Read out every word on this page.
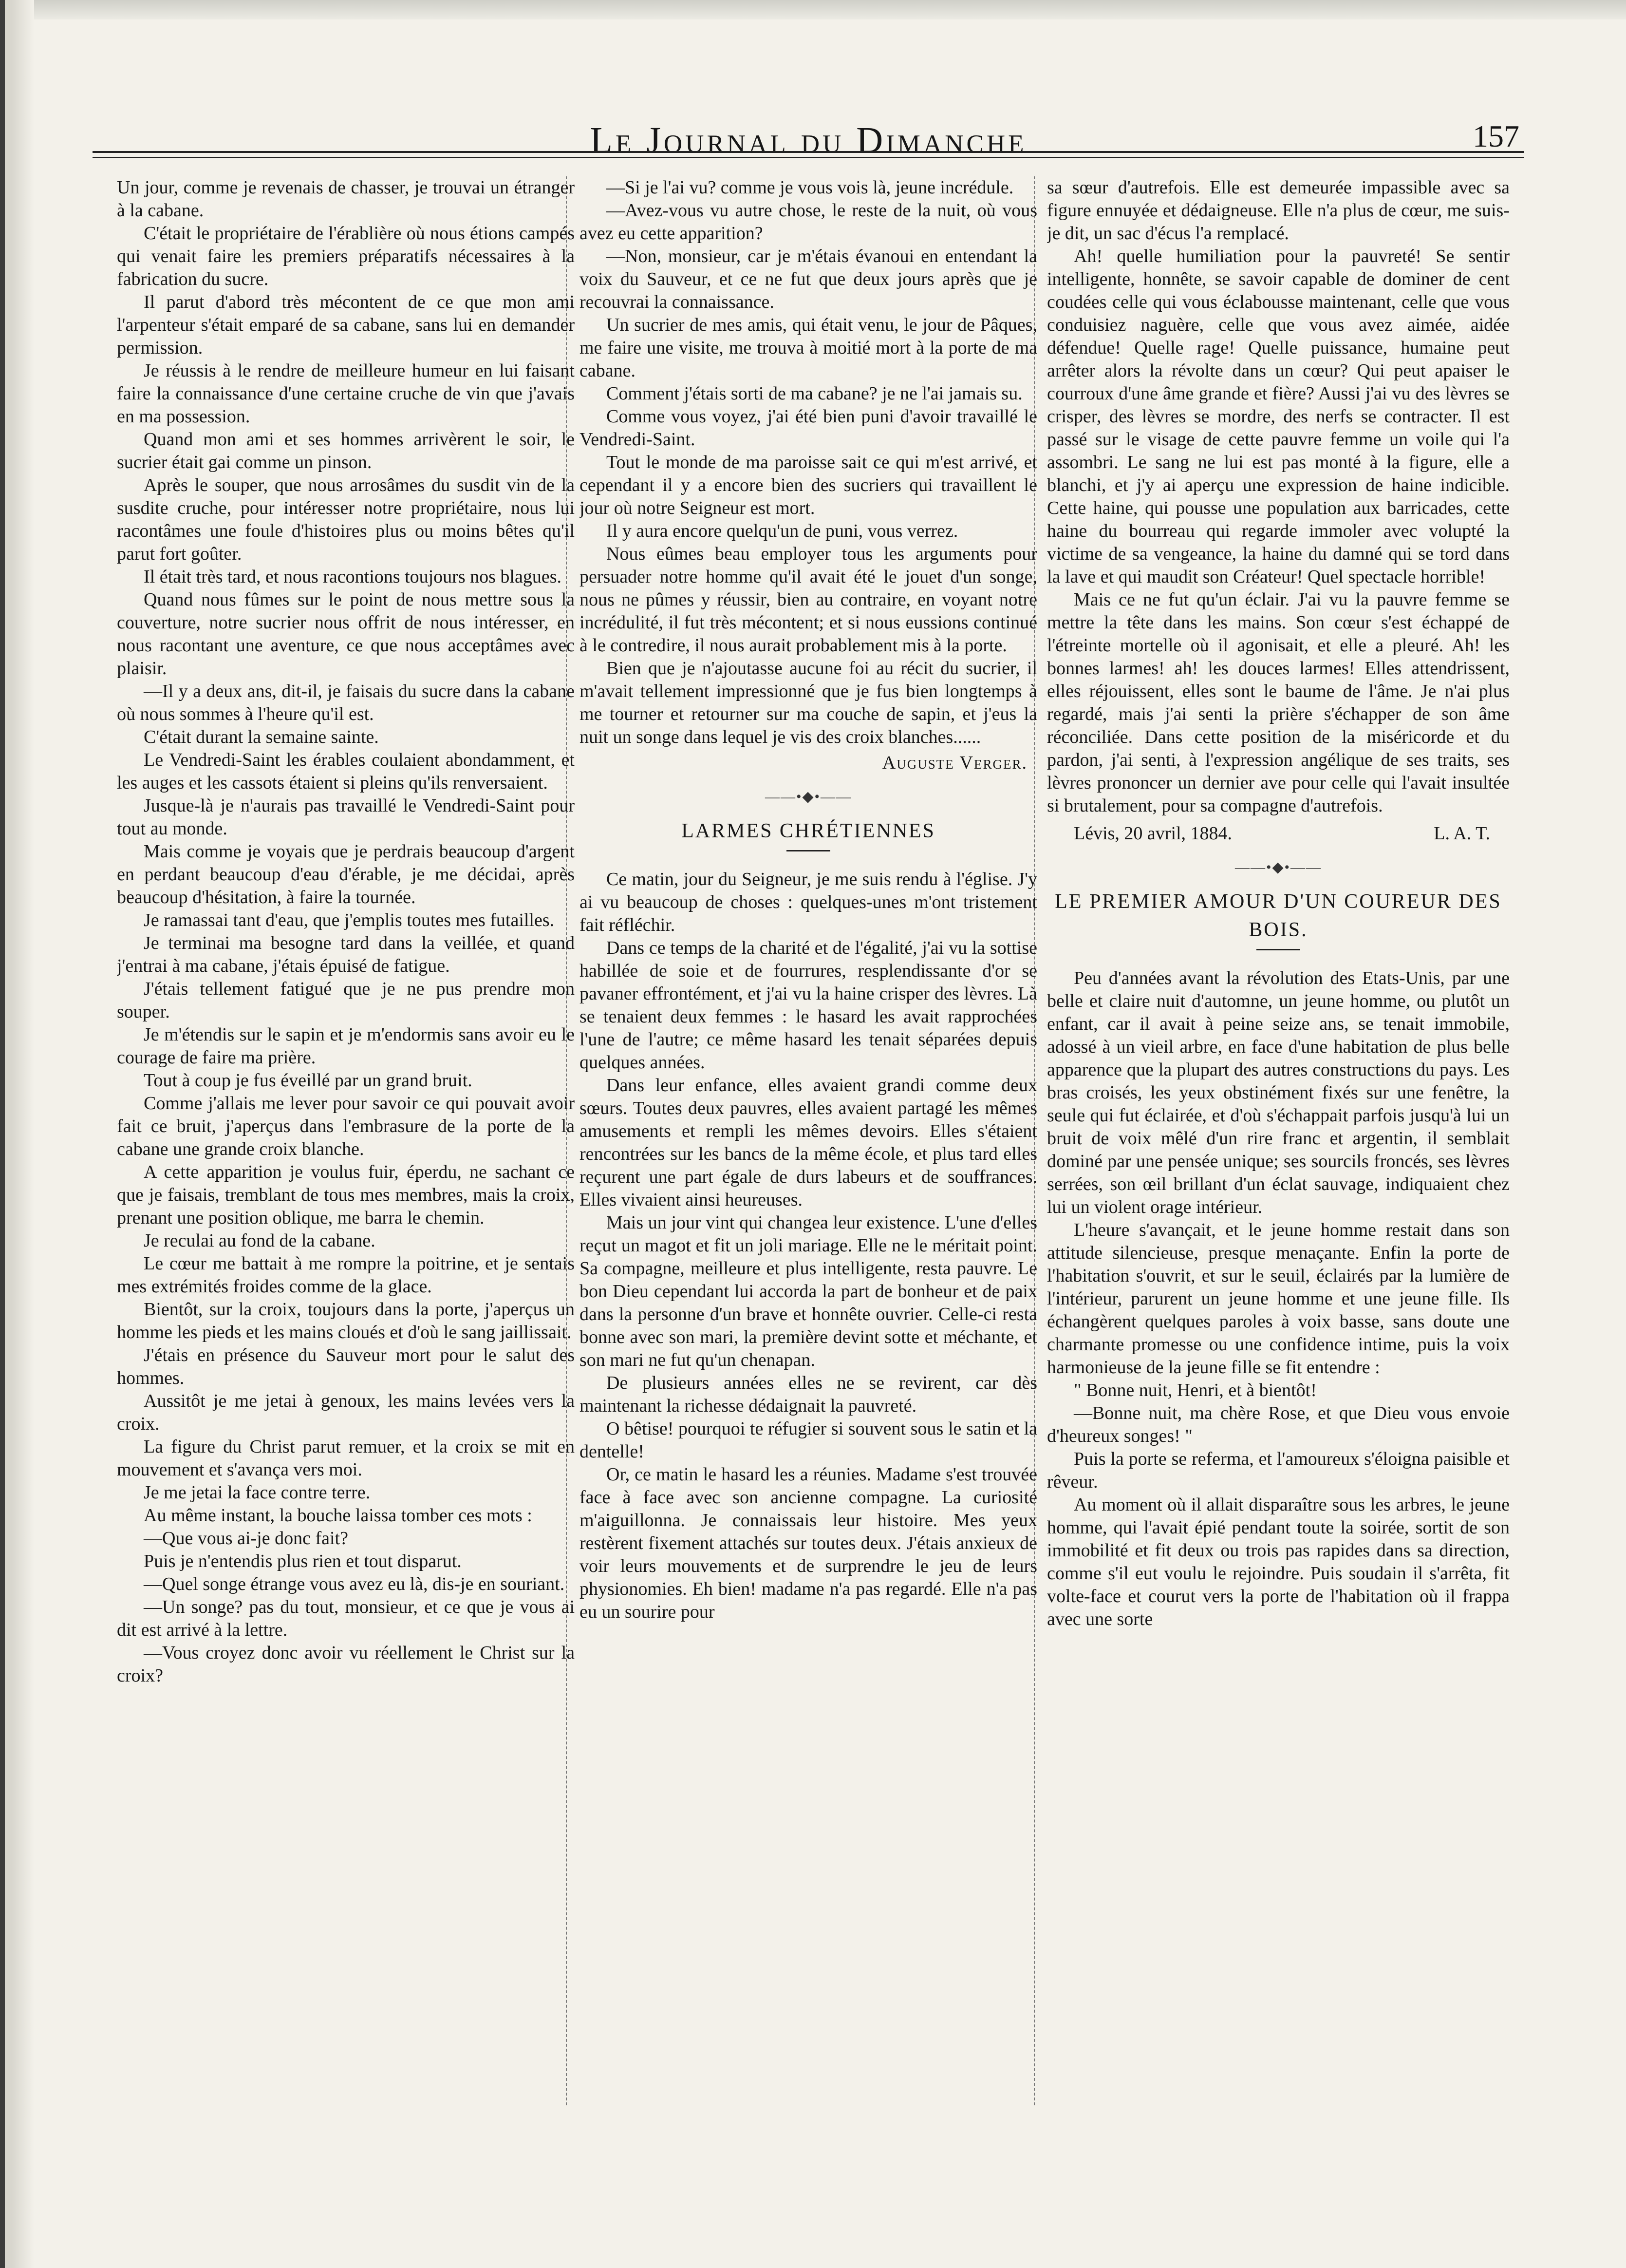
Le Journal du Dimanche	157

Un jour, comme je revenais de chasser, je trouvai un étranger à la cabane.

C'était le propriétaire de l'érablière où nous étions campés qui venait faire les premiers préparatifs nécessaires à la fabrication du sucre.

Il parut d'abord très mécontent de ce que mon ami l'arpenteur s'était emparé de sa cabane, sans lui en demander permission.

Je réussis à le rendre de meilleure humeur en lui faisant faire la connaissance d'une certaine cruche de vin que j'avais en ma possession.

Quand mon ami et ses hommes arrivèrent le soir, le sucrier était gai comme un pinson.

Après le souper, que nous arrosâmes du susdit vin de la susdite cruche, pour intéresser notre propriétaire, nous lui racontâmes une foule d'histoires plus ou moins bêtes qu'il parut fort goûter.

Il était très tard, et nous racontions toujours nos blagues.

Quand nous fûmes sur le point de nous mettre sous la couverture, notre sucrier nous offrit de nous intéresser, en nous racontant une aventure, ce que nous acceptâmes avec plaisir.

—Il y a deux ans, dit-il, je faisais du sucre dans la cabane où nous sommes à l'heure qu'il est.

C'était durant la semaine sainte.

Le Vendredi-Saint les érables coulaient abondamment, et les auges et les cassots étaient si pleins qu'ils renversaient.

Jusque-là je n'aurais pas travaillé le Vendredi-Saint pour tout au monde.

Mais comme je voyais que je perdrais beaucoup d'argent en perdant beaucoup d'eau d'érable, je me décidai, après beaucoup d'hésitation, à faire la tournée.

Je ramassai tant d'eau, que j'emplis toutes mes futailles.

Je terminai ma besogne tard dans la veillée, et quand j'entrai à ma cabane, j'étais épuisé de fatigue.

J'étais tellement fatigué que je ne pus prendre mon souper.

Je m'étendis sur le sapin et je m'endormis sans avoir eu le courage de faire ma prière.

Tout à coup je fus éveillé par un grand bruit.

Comme j'allais me lever pour savoir ce qui pouvait avoir fait ce bruit, j'aperçus dans l'embrasure de la porte de la cabane une grande croix blanche.

A cette apparition je voulus fuir, éperdu, ne sachant ce que je faisais, tremblant de tous mes membres, mais la croix, prenant une position oblique, me barra le chemin.

Je reculai au fond de la cabane.

Le cœur me battait à me rompre la poitrine, et je sentais mes extrémités froides comme de la glace.

Bientôt, sur la croix, toujours dans la porte, j'aperçus un homme les pieds et les mains cloués et d'où le sang jaillissait.

J'étais en présence du Sauveur mort pour le salut des hommes.

Aussitôt je me jetai à genoux, les mains levées vers la croix.

La figure du Christ parut remuer, et la croix se mit en mouvement et s'avança vers moi.

Je me jetai la face contre terre.

Au même instant, la bouche laissa tomber ces mots :

—Que vous ai-je donc fait?

Puis je n'entendis plus rien et tout disparut.

—Quel songe étrange vous avez eu là, dis-je en souriant.

—Un songe? pas du tout, monsieur, et ce que je vous ai dit est arrivé à la lettre.

—Vous croyez donc avoir vu réellement le Christ sur la croix?

—Si je l'ai vu? comme je vous vois là, jeune incrédule.

—Avez-vous vu autre chose, le reste de la nuit, où vous avez eu cette apparition?

—Non, monsieur, car je m'étais évanoui en entendant la voix du Sauveur, et ce ne fut que deux jours après que je recouvrai la connaissance.

Un sucrier de mes amis, qui était venu, le jour de Pâques, me faire une visite, me trouva à moitié mort à la porte de ma cabane.

Comment j'étais sorti de ma cabane? je ne l'ai jamais su.

Comme vous voyez, j'ai été bien puni d'avoir travaillé le Vendredi-Saint.

Tout le monde de ma paroisse sait ce qui m'est arrivé, et cependant il y a encore bien des sucriers qui travaillent le jour où notre Seigneur est mort.

Il y aura encore quelqu'un de puni, vous verrez.

Nous eûmes beau employer tous les arguments pour persuader notre homme qu'il avait été le jouet d'un songe, nous ne pûmes y réussir, bien au contraire, en voyant notre incrédulité, il fut très mécontent; et si nous eussions continué à le contredire, il nous aurait probablement mis à la porte.

Bien que je n'ajoutasse aucune foi au récit du sucrier, il m'avait tellement impressionné que je fus bien longtemps à me tourner et retourner sur ma couche de sapin, et j'eus la nuit un songe dans lequel je vis des croix blanches......

Auguste Verger.
——•◆•——
LARMES CHRÉTIENNES

Ce matin, jour du Seigneur, je me suis rendu à l'église. J'y ai vu beaucoup de choses : quelques-unes m'ont tristement fait réfléchir.

Dans ce temps de la charité et de l'égalité, j'ai vu la sottise habillée de soie et de fourrures, resplendissante d'or se pavaner effrontément, et j'ai vu la haine crisper des lèvres. Là se tenaient deux femmes : le hasard les avait rapprochées l'une de l'autre; ce même hasard les tenait séparées depuis quelques années.

Dans leur enfance, elles avaient grandi comme deux sœurs. Toutes deux pauvres, elles avaient partagé les mêmes amusements et rempli les mêmes devoirs. Elles s'étaient rencontrées sur les bancs de la même école, et plus tard elles reçurent une part égale de durs labeurs et de souffrances. Elles vivaient ainsi heureuses.

Mais un jour vint qui changea leur existence. L'une d'elles reçut un magot et fit un joli mariage. Elle ne le méritait point. Sa compagne, meilleure et plus intelligente, resta pauvre. Le bon Dieu cependant lui accorda la part de bonheur et de paix dans la personne d'un brave et honnête ouvrier. Celle-ci resta bonne avec son mari, la première devint sotte et méchante, et son mari ne fut qu'un chenapan.

De plusieurs années elles ne se revirent, car dès maintenant la richesse dédaignait la pauvreté.

O bêtise! pourquoi te réfugier si souvent sous le satin et la dentelle!

Or, ce matin le hasard les a réunies. Madame s'est trouvée face à face avec son ancienne compagne. La curiosité m'aiguillonna. Je connaissais leur histoire. Mes yeux restèrent fixement attachés sur toutes deux. J'étais anxieux de voir leurs mouvements et de surprendre le jeu de leurs physionomies. Eh bien! madame n'a pas regardé. Elle n'a pas eu un sourire pour

sa sœur d'autrefois. Elle est demeurée impassible avec sa figure ennuyée et dédaigneuse. Elle n'a plus de cœur, me suis-je dit, un sac d'écus l'a remplacé.

Ah! quelle humiliation pour la pauvreté! Se sentir intelligente, honnête, se savoir capable de dominer de cent coudées celle qui vous éclabousse maintenant, celle que vous conduisiez naguère, celle que vous avez aimée, aidée défendue! Quelle rage! Quelle puissance, humaine peut arrêter alors la révolte dans un cœur? Qui peut apaiser le courroux d'une âme grande et fière? Aussi j'ai vu des lèvres se crisper, des lèvres se mordre, des nerfs se contracter. Il est passé sur le visage de cette pauvre femme un voile qui l'a assombri. Le sang ne lui est pas monté à la figure, elle a blanchi, et j'y ai aperçu une expression de haine indicible. Cette haine, qui pousse une population aux barricades, cette haine du bourreau qui regarde immoler avec volupté la victime de sa vengeance, la haine du damné qui se tord dans la lave et qui maudit son Créateur! Quel spectacle horrible!

Mais ce ne fut qu'un éclair. J'ai vu la pauvre femme se mettre la tête dans les mains. Son cœur s'est échappé de l'étreinte mortelle où il agonisait, et elle a pleuré. Ah! les bonnes larmes! ah! les douces larmes! Elles attendrissent, elles réjouissent, elles sont le baume de l'âme. Je n'ai plus regardé, mais j'ai senti la prière s'échapper de son âme réconciliée. Dans cette position de la miséricorde et du pardon, j'ai senti, à l'expression angélique de ses traits, ses lèvres prononcer un dernier ave pour celle qui l'avait insultée si brutalement, pour sa compagne d'autrefois.

Lévis, 20 avril, 1884.	L. A. T.
——•◆•——
LE PREMIER AMOUR D'UN COUREUR DES BOIS.

Peu d'années avant la révolution des Etats-Unis, par une belle et claire nuit d'automne, un jeune homme, ou plutôt un enfant, car il avait à peine seize ans, se tenait immobile, adossé à un vieil arbre, en face d'une habitation de plus belle apparence que la plupart des autres constructions du pays. Les bras croisés, les yeux obstinément fixés sur une fenêtre, la seule qui fut éclairée, et d'où s'échappait parfois jusqu'à lui un bruit de voix mêlé d'un rire franc et argentin, il semblait dominé par une pensée unique; ses sourcils froncés, ses lèvres serrées, son œil brillant d'un éclat sauvage, indiquaient chez lui un violent orage intérieur.

L'heure s'avançait, et le jeune homme restait dans son attitude silencieuse, presque menaçante. Enfin la porte de l'habitation s'ouvrit, et sur le seuil, éclairés par la lumière de l'intérieur, parurent un jeune homme et une jeune fille. Ils échangèrent quelques paroles à voix basse, sans doute une charmante promesse ou une confidence intime, puis la voix harmonieuse de la jeune fille se fit entendre :

" Bonne nuit, Henri, et à bientôt!

—Bonne nuit, ma chère Rose, et que Dieu vous envoie d'heureux songes! "

Puis la porte se referma, et l'amoureux s'éloigna paisible et rêveur.

Au moment où il allait disparaître sous les arbres, le jeune homme, qui l'avait épié pendant toute la soirée, sortit de son immobilité et fit deux ou trois pas rapides dans sa direction, comme s'il eut voulu le rejoindre. Puis soudain il s'arrêta, fit volte-face et courut vers la porte de l'habitation où il frappa avec une sorte
